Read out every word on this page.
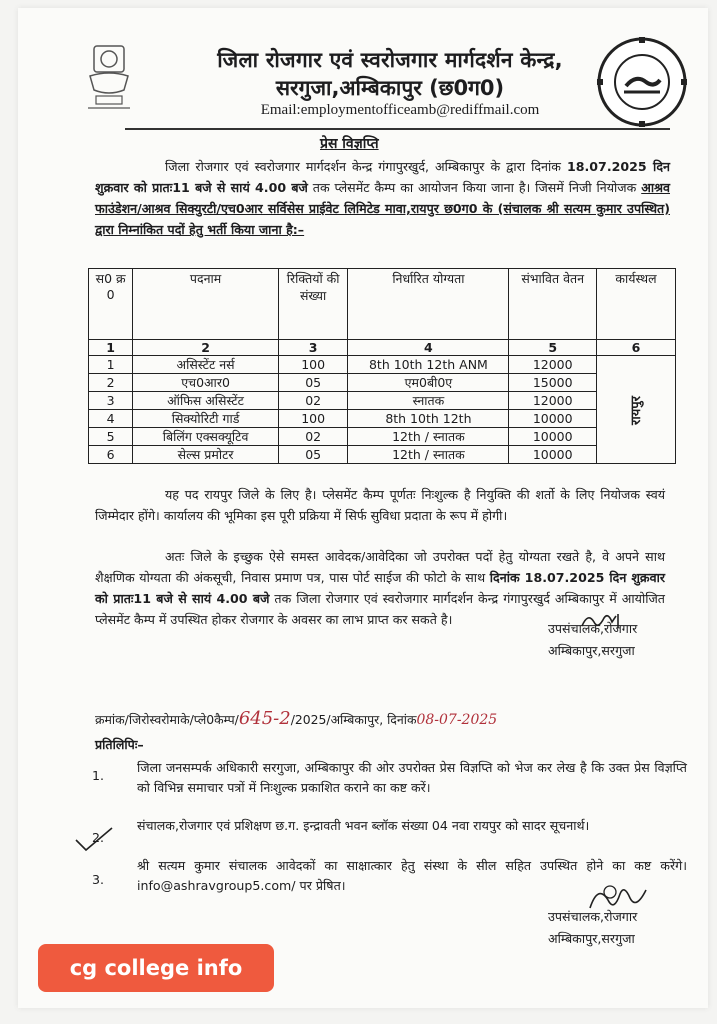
जिला रोजगार एवं स्वरोजगार मार्गदर्शन केन्द्र,
सरगुजा,अम्बिकापुर (छ0ग0)
Email:employmentofficeamb@rediffmail.com
प्रेस विज्ञप्ति
जिला रोजगार एवं स्वरोजगार मार्गदर्शन केन्द्र गंगापुरखुर्द, अम्बिकापुर के द्वारा दिनांक 18.07.2025 दिन शुक्रवार को प्रातः11 बजे से सायं 4.00 बजे तक प्लेसमेंट कैम्प का आयोजन किया जाना है। जिसमें निजी नियोजक आश्रव फाउंडेशन/आश्रव सिक्युरटी/एच0आर सर्विसेस प्राईवेट लिमिटेड मावा,रायपुर छ0ग0 के (संचालक श्री सत्यम कुमार उपस्थित) द्वारा निम्नांकित पदों हेतु भर्ती किया जाना है:–
स0 क्र 0	पदनाम	रिक्तियों की संख्या	निर्धारित योग्यता	संभावित वेतन	कार्यस्थल
1	2	3	4	5	6
1	असिस्टेंट नर्स	100	8th 10th 12th ANM	12000	रायपुर
2	एच0आर0	05	एम0बी0ए	15000	
3	ऑफिस असिस्टेंट	02	स्नातक	12000	
4	सिक्योरिटी गार्ड	100	8th 10th 12th	10000	
5	बिलिंग एक्सक्यूटिव	02	12th / स्नातक	10000	
6	सेल्स प्रमोटर	05	12th / स्नातक	10000	
यह पद रायपुर जिले के लिए है। प्लेसमेंट कैम्प पूर्णतः निःशुल्क है नियुक्ति की शर्तो के लिए नियोजक स्वयं जिम्मेदार होंगे। कार्यालय की भूमिका इस पूरी प्रक्रिया में सिर्फ सुविधा प्रदाता के रूप में होगी।
अतः जिले के इच्छुक ऐसे समस्त आवेदक/आवेदिका जो उपरोक्त पदों हेतु योग्यता रखते है, वे अपने साथ शैक्षणिक योग्यता की अंकसूची, निवास प्रमाण पत्र, पास पोर्ट साईज की फोटो के साथ दिनांक 18.07.2025 दिन शुक्रवार को प्रातः11 बजे से सायं 4.00 बजे तक जिला रोजगार एवं स्वरोजगार मार्गदर्शन केन्द्र गंगापुरखुर्द अम्बिकापुर में आयोजित प्लेसमेंट कैम्प में उपस्थित होकर रोजगार के अवसर का लाभ प्राप्त कर सकते है।
उपसंचालक,रोजगार
अम्बिकापुर,सरगुजा
क्रमांक/जिरोस्वरोमाके/प्ले0कैम्प/645-2/2025/अम्बिकापुर, दिनांक08-07-2025
प्रतिलिपिः–
1.
जिला जनसम्पर्क अधिकारी सरगुजा, अम्बिकापुर की ओर उपरोक्त प्रेस विज्ञप्ति को भेज कर लेख है कि उक्त प्रेस विज्ञप्ति को विभिन्न समाचार पत्रों में निःशुल्क प्रकाशित कराने का कष्ट करें।
2.
संचालक,रोजगार एवं प्रशिक्षण छ.ग. इन्द्रावती भवन ब्लॉक संख्या 04 नवा रायपुर को सादर सूचनार्थ।
3.
श्री सत्यम कुमार संचालक आवेदकों का साक्षात्कार हेतु संस्था के सील सहित उपस्थित होने का कष्ट करेंगे। info@ashravgroup5.com/ पर प्रेषित।
उपसंचालक,रोजगार
अम्बिकापुर,सरगुजा
cg college info
